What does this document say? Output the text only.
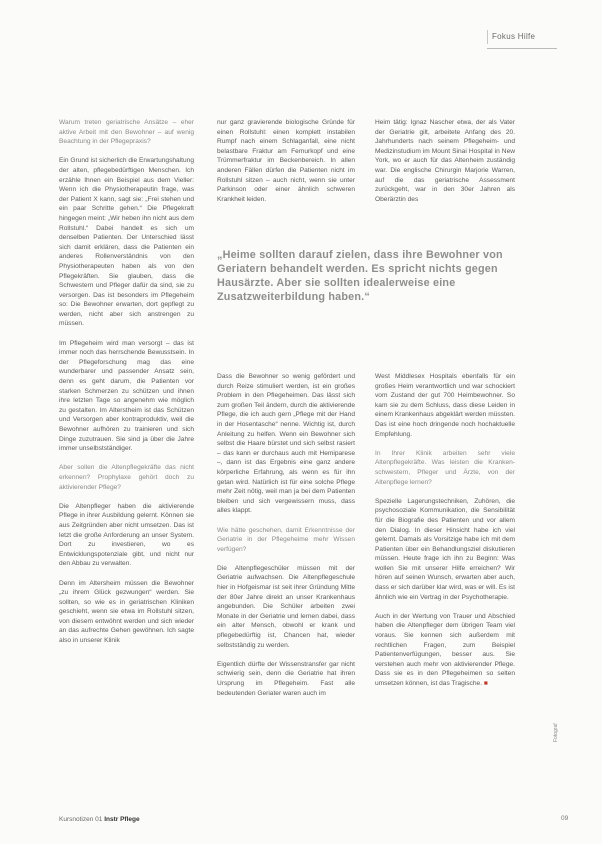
Fokus Hilfe

Warum treten geriatrische Ansätze – eher aktive Arbeit mit den Bewohner – auf wenig Beachtung in der Pflegepraxis?

Ein Grund ist sicherlich die Erwartungshaltung der alten, pflegebedürftigen Menschen. Ich erzähle Ihnen ein Beispiel aus dem Vieller: Wenn ich die Physiotherapeutin frage, was der Patient X kann, sagt sie: „Frei stehen und ein paar Schritte gehen.“ Die Pflegekraft hingegen meint: „Wir heben ihn nicht aus dem Rollstuhl.“ Dabei handelt es sich um denselben Patienten. Der Unterschied lässt sich damit erklären, dass die Patienten ein anderes Rollenverständnis von den Physiotherapeuten haben als von den Pflegekräften. Sie glauben, dass die Schwestern und Pfleger dafür da sind, sie zu versorgen. Das ist besonders im Pflegeheim so: Die Bewohner erwarten, dort gepflegt zu werden, nicht aber sich anstrengen zu müssen.

Im Pflegeheim wird man versorgt – das ist immer noch das herrschende Bewusstsein. In der Pflegeforschung mag das eine wunderbarer und passender Ansatz sein, denn es geht darum, die Patienten vor starken Schmerzen zu schützen und ihnen ihre letzten Tage so angenehm wie möglich zu gestalten. Im Alterstheim ist das Schützen und Versorgen aber kontraproduktiv, weil die Bewohner aufhören zu trainieren und sich Dinge zuzutrauen. Sie sind ja über die Jahre immer unselbstständiger.

Aber sollen die Altenpflegekräfte das nicht erkennen? Prophylaxe gehört doch zu aktivierender Pflege?

Die Altenpfleger haben die aktivierende Pflege in ihrer Ausbildung gelernt. Können sie aus Zeitgründen aber nicht umsetzen. Das ist letzt die große Anforderung an unser System. Dort zu investieren, wo es Entwicklungspotenziale gibt, und nicht nur den Abbau zu verwalten.

Denn im Altersheim müssen die Bewohner „zu ihrem Glück gezwungen“ werden. Sie sollten, so wie es in geriatrischen Kliniken geschieht, wenn sie etwa im Rollstuhl sitzen, von diesem entwöhnt werden und sich wieder an das aufrechte Gehen gewöhnen. Ich sagte also in unserer Klinik

nur ganz gravierende biologische Gründe für einen Rollstuhl: einen komplett instabilen Rumpf nach einem Schlaganfall, eine nicht belastbare Fraktur am Femurkopf und eine Trümmerfraktur im Beckenbereich. In allen anderen Fällen dürfen die Patienten nicht im Rollstuhl sitzen – auch nicht, wenn sie unter Parkinson oder einer ähnlich schweren Krankheit leiden.

Heim tätig: Ignaz Nascher etwa, der als Vater der Geriatrie gilt, arbeitete Anfang des 20. Jahrhunderts nach seinem Pflegeheim- und Medizinstudium im Mount Sinai Hospital in New York, wo er auch für das Altenheim zuständig war. Die englische Chirurgin Marjorie Warren, auf die das geriatrische Assessment zurückgeht, war in den 30er Jahren als Oberärztin des

„Heime sollten darauf zielen, dass ihre Bewohner von Geriatern behandelt werden. Es spricht nichts gegen Hausärzte. Aber sie sollten idealerweise eine Zusatzweiterbildung haben.“

Dass die Bewohner so wenig gefördert und durch Reize stimuliert werden, ist ein großes Problem in den Pflegeheimen. Das lässt sich zum großen Teil ändern, durch die aktivierende Pflege, die ich auch gern „Pflege mit der Hand in der Hosentasche“ nenne. Wichtig ist, durch Anleitung zu helfen. Wenn ein Bewohner sich selbst die Haare bürstet und sich selbst rasiert – das kann er durchaus auch mit Hemiparese –, dann ist das Ergebnis eine ganz andere körperliche Erfahrung, als wenn es für ihn getan wird. Natürlich ist für eine solche Pflege mehr Zeit nötig, weil man ja bei dem Patienten bleiben und sich vergewissern muss, dass alles klappt.

Wie hätte geschehen, damit Erkenntnisse der Geriatrie in der Pflegeheime mehr Wissen verfügen?

Die Altenpflegeschüler müssen mit der Geriatrie aufwachsen. Die Altenpflegeschule hier in Hofgeismar ist seit ihrer Gründung Mitte der 80er Jahre direkt an unser Krankenhaus angebunden. Die Schüler arbeiten zwei Monate in der Geriatrie und lernen dabei, dass ein alter Mensch, obwohl er krank und pflegebedürftig ist, Chancen hat, wieder selbstständig zu werden.

Eigentlich dürfte der Wissenstransfer gar nicht schwierig sein, denn die Geriatrie hat ihren Ursprung im Pflegeheim. Fast alle bedeutenden Geriater waren auch im

West Middlesex Hospitals ebenfalls für ein großes Heim verantwortlich und war schockiert vom Zustand der gut 700 Heimbewohner. So kam sie zu dem Schluss, dass diese Leiden in einem Krankenhaus abgeklärt werden müssten. Das ist eine hoch dringende noch hochaktuelle Empfehlung.

In Ihrer Klinik arbeiten sehr viele Altenpflegekräfte. Was leisten die Kranken- schwestern, Pfleger und Ärzte, von der Altenpflege lernen?

Spezielle Lagerungstechniken, Zuhören, die psychosoziale Kommunikation, die Sensibilität für die Biografie des Patienten und vor allem den Dialog. In dieser Hinsicht habe ich viel gelernt. Damals als Vorsitzige habe ich mit dem Patienten über ein Behandlungsziel diskutieren müssen. Heute frage ich ihn zu Beginn: Was wollen Sie mit unserer Hilfe erreichen? Wir hören auf seinen Wunsch, erwarten aber auch, dass er sich darüber klar wird, was er will. Es ist ähnlich wie ein Vertrag in der Psychotherapie.

Auch in der Wertung von Trauer und Abschied haben die Altenpfleger dem übrigen Team viel voraus. Sie kennen sich außerdem mit rechtlichen Fragen, zum Beispiel Patientenverfügungen, besser aus. Sie verstehen auch mehr von aktivierender Pflege. Dass sie es in den Pflegeheimen so selten umsetzen können, ist das Tragische. ■

Kursnotizen 01 Instr Pflege	09
Fotograf
